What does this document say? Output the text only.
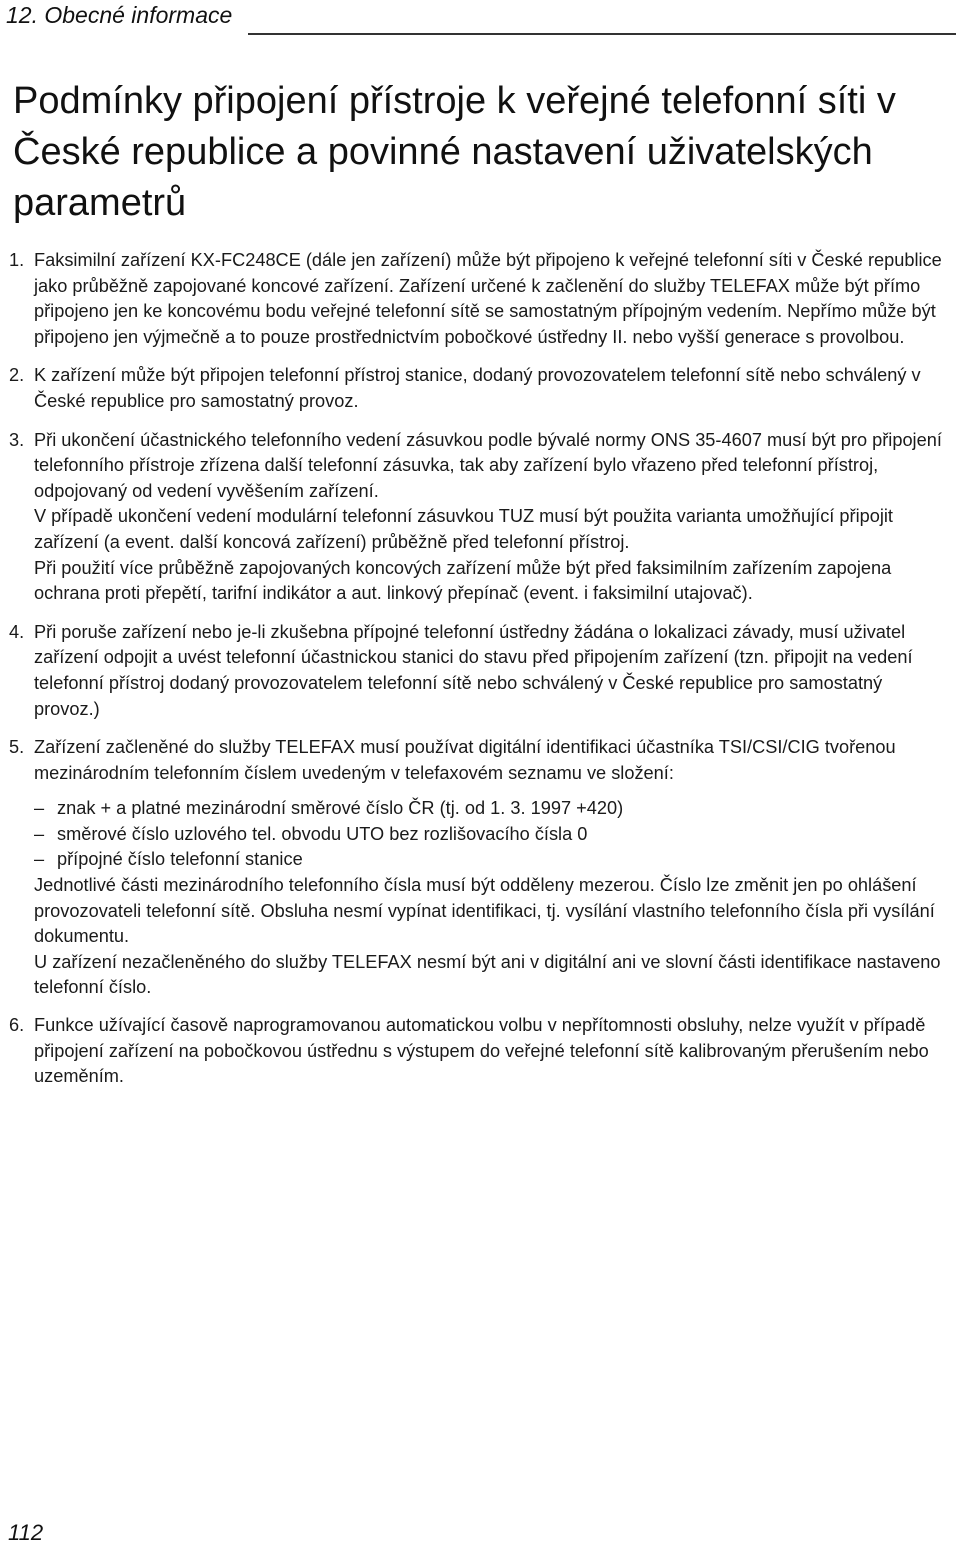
12. Obecné informace
Podmínky připojení přístroje k veřejné telefonní síti v České republice a povinné nastavení uživatelských parametrů
1. Faksimilní zařízení KX-FC248CE (dále jen zařízení) může být připojeno k veřejné telefonní síti v České republice jako průběžně zapojované koncové zařízení. Zařízení určené k začlenění do služby TELEFAX může být přímo připojeno jen ke koncovému bodu veřejné telefonní sítě se samostatným přípojným vedením. Nepřímo může být připojeno jen výjmečně a to pouze prostřednictvím pobočkové ústředny II. nebo vyšší generace s provolbou.

2. K zařízení může být připojen telefonní přístroj stanice, dodaný provozovatelem telefonní sítě nebo schválený v České republice pro samostatný provoz.

3. Při ukončení účastnického telefonního vedení zásuvkou podle bývalé normy ONS 35-4607 musí být pro připojení telefonního přístroje zřízena další telefonní zásuvka, tak aby zařízení bylo vřazeno před telefonní přístroj, odpojovaný od vedení vyvěšením zařízení.

V případě ukončení vedení modulární telefonní zásuvkou TUZ musí být použita varianta umožňující připojit zařízení (a event. další koncová zařízení) průběžně před telefonní přístroj.

Při použití více průběžně zapojovaných koncových zařízení může být před faksimilním zařízením zapojena ochrana proti přepětí, tarifní indikátor a aut. linkový přepínač (event. i faksimilní utajovač).

4. Při poruše zařízení nebo je-li zkušebna přípojné telefonní ústředny žádána o lokalizaci závady, musí uživatel zařízení odpojit a uvést telefonní účastnickou stanici do stavu před připojením zařízení (tzn. připojit na vedení telefonní přístroj dodaný provozovatelem telefonní sítě nebo schválený v České republice pro samostatný provoz.)

5. Zařízení začleněné do služby TELEFAX musí používat digitální identifikaci účastníka TSI/CSI/CIG tvořenou mezinárodním telefonním číslem uvedeným v telefaxovém seznamu ve složení:

– znak + a platné mezinárodní směrové číslo ČR (tj. od 1. 3. 1997 +420)
– směrové číslo uzlového tel. obvodu UTO bez rozlišovacího čísla 0
– přípojné číslo telefonní stanice

Jednotlivé části mezinárodního telefonního čísla musí být odděleny mezerou. Číslo lze změnit jen po ohlášení provozovateli telefonní sítě. Obsluha nesmí vypínat identifikaci, tj. vysílání vlastního telefonního čísla při vysílání dokumentu.

U zařízení nezačleněného do služby TELEFAX nesmí být ani v digitální ani ve slovní části identifikace nastaveno telefonní číslo.

6. Funkce užívající časově naprogramovanou automatickou volbu v nepřítomnosti obsluhy, nelze využít v případě připojení zařízení na pobočkovou ústřednu s výstupem do veřejné telefonní sítě kalibrovaným přerušením nebo uzeměním.

112
